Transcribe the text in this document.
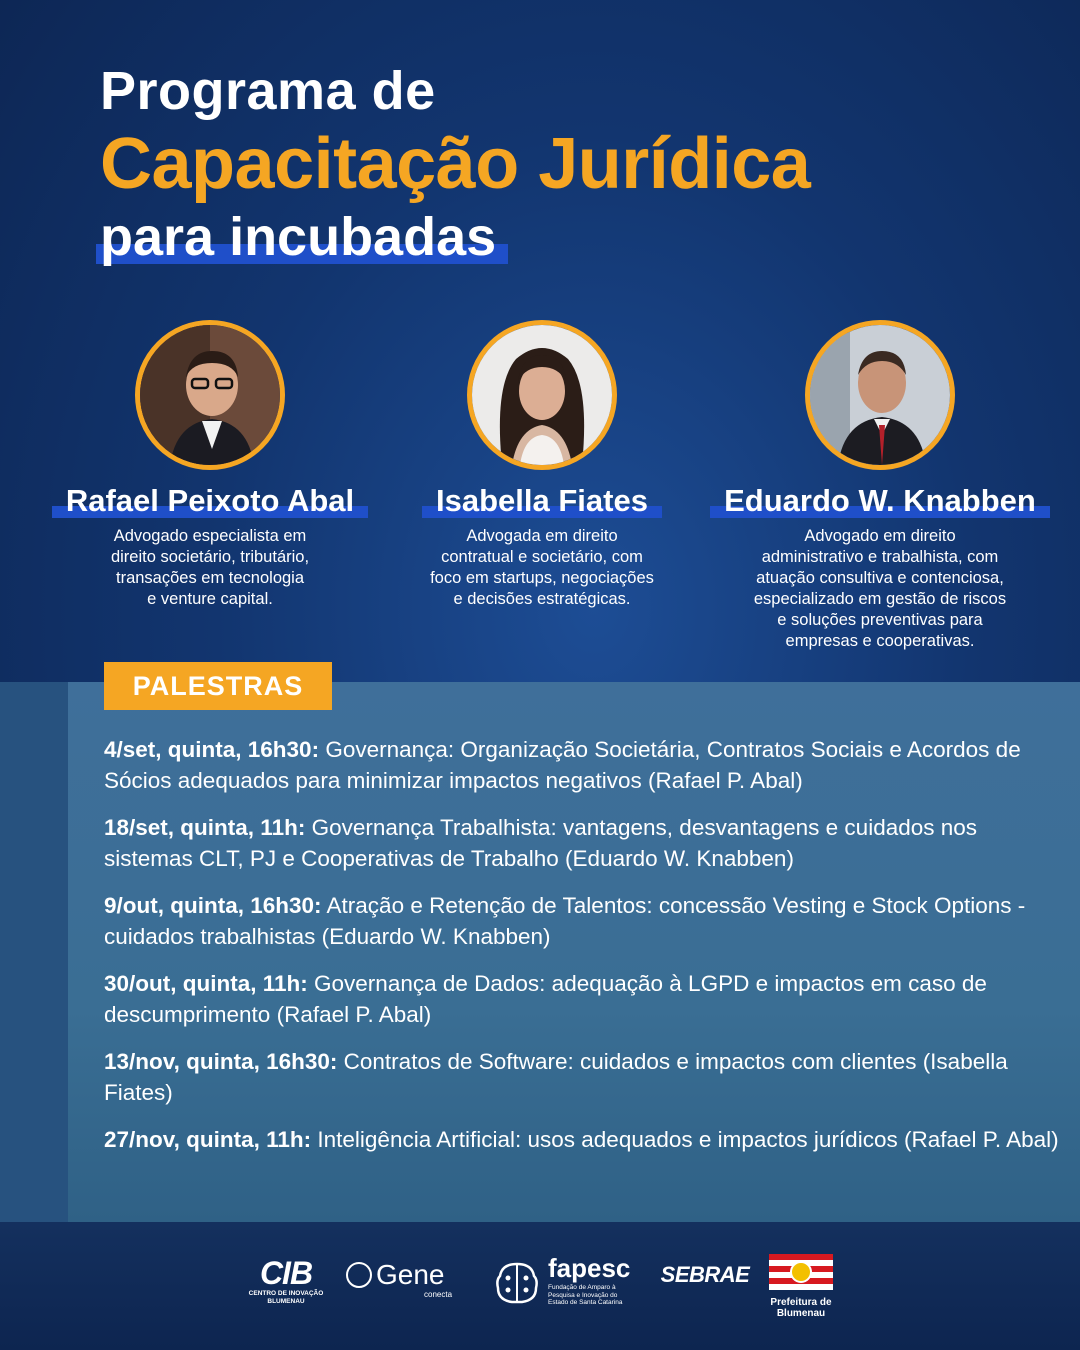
Programa de
Capacitação Jurídica
para incubadas
Rafael Peixoto Abal
Advogado especialista em
direito societário, tributário,
transações em tecnologia
e venture capital.
Isabella Fiates
Advogada em direito
contratual e societário, com
foco em startups, negociações
e decisões estratégicas.
Eduardo W. Knabben
Advogado em direito
administrativo e trabalhista, com
atuação consultiva e contenciosa,
especializado em gestão de riscos
e soluções preventivas para
empresas e cooperativas.
PALESTRAS
4/set, quinta, 16h30: Governança: Organização Societária, Contratos Sociais e Acordos de Sócios adequados para minimizar impactos negativos (Rafael P. Abal)
18/set, quinta, 11h: Governança Trabalhista: vantagens, desvantagens e cuidados nos sistemas CLT, PJ e Cooperativas de Trabalho (Eduardo W. Knabben)
9/out, quinta, 16h30: Atração e Retenção de Talentos: concessão Vesting e Stock Options - cuidados trabalhistas (Eduardo W. Knabben)
30/out, quinta, 11h: Governança de Dados: adequação à LGPD e impactos em caso de descumprimento (Rafael P. Abal)
13/nov, quinta, 16h30: Contratos de Software: cuidados e impactos com clientes (Isabella Fiates)
27/nov, quinta, 11h: Inteligência Artificial: usos adequados e impactos jurídicos (Rafael P. Abal)
CIB
CENTRO DE INOVAÇÃO BLUMENAU
Gene
conecta
fapesc
Fundação de Amparo à Pesquisa e Inovação do Estado de Santa Catarina
SEBRAE
Prefeitura de Blumenau
